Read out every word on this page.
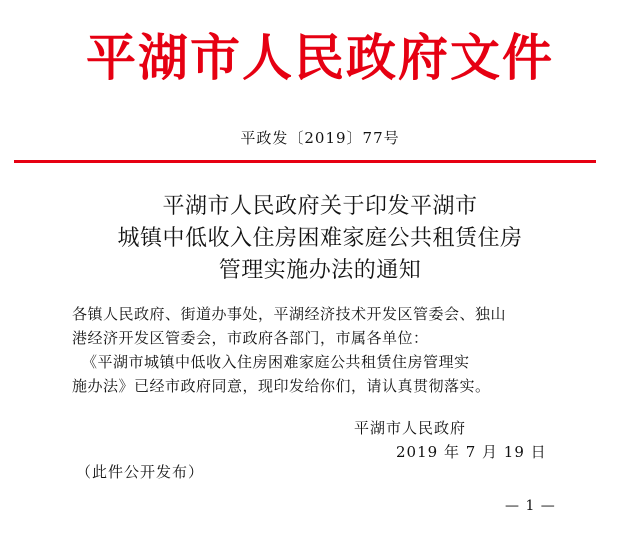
平湖市人民政府文件
平政发〔2019〕77号
平湖市人民政府关于印发平湖市
城镇中低收入住房困难家庭公共租赁住房
管理实施办法的通知
各镇人民政府、街道办事处，平湖经济技术开发区管委会、独山
港经济开发区管委会，市政府各部门，市属各单位：
《平湖市城镇中低收入住房困难家庭公共租赁住房管理实
施办法》已经市政府同意，现印发给你们，请认真贯彻落实。
平湖市人民政府
2019 年 7 月 19 日
（此件公开发布）
— 1 —
